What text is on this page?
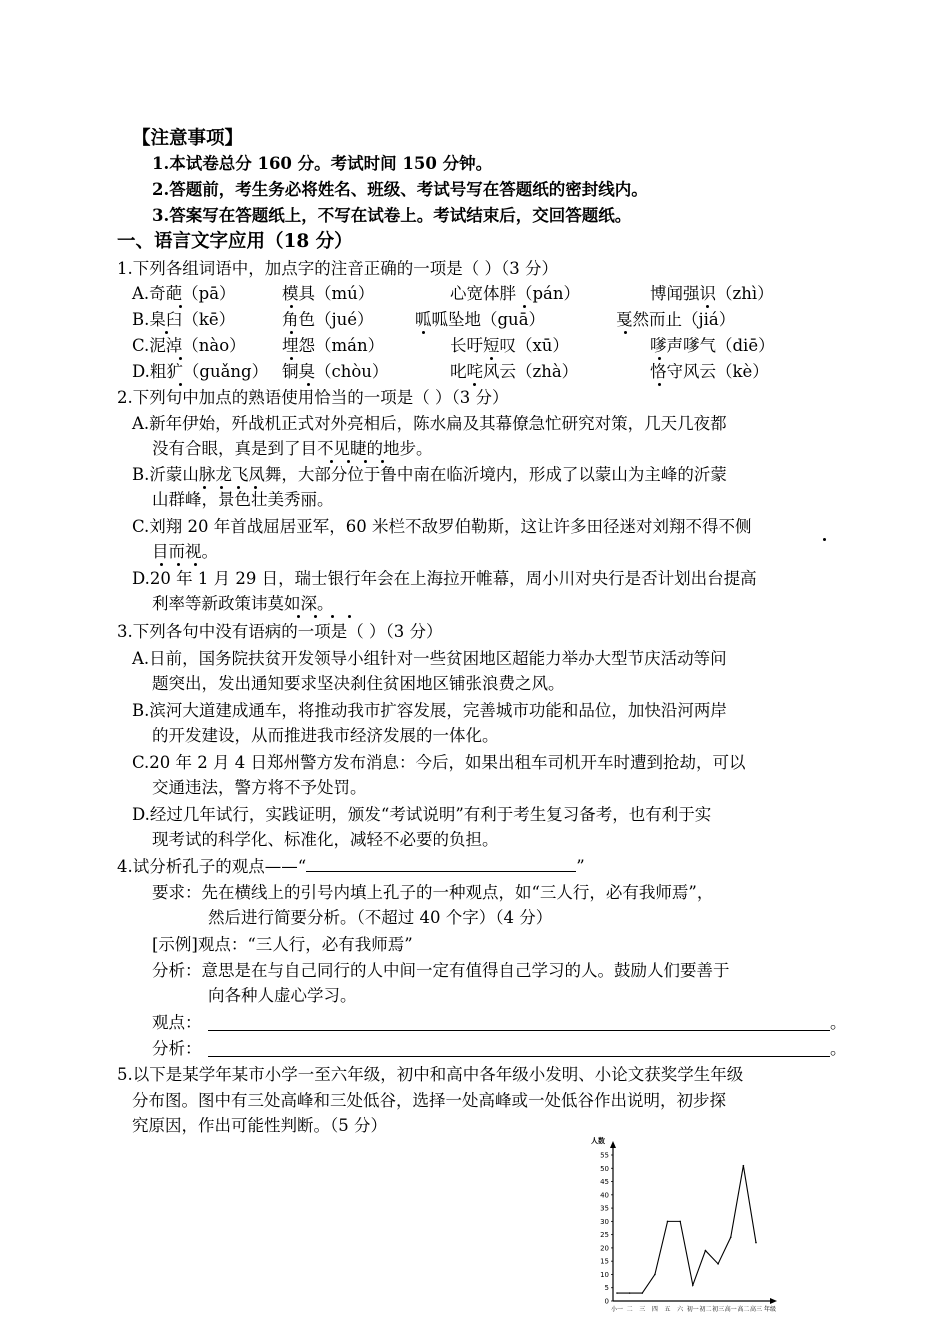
【注意事项】
1.本试卷总分 160 分。考试时间 150 分钟。
2.答题前，考生务必将姓名、班级、考试号写在答题纸的密封线内。
3.答案写在答题纸上，不写在试卷上。考试结束后，交回答题纸。
一、语言文字应用（18 分）
1.下列各组词语中，加点字的注音正确的一项是（ ）（3 分）
A.奇葩（pā）	模具（mú）	心宽体胖（pán）	博闻强识（zhì）
B.臬臼（kē）	角色（jué）	呱呱坠地（guā）	戛然而止（jiá）
C.泥淖（nào） 埋怨（mán）	长吁短叹（xū）	嗲声嗲气（diē）
D.粗犷（guǎng） 铜臭（chòu）	叱咤风云（zhà）	恪守风云（kè）
2.下列句中加点的熟语使用恰当的一项是（ ）（3 分）
A.新年伊始，歼战机正式对外亮相后，陈水扁及其幕僚急忙研究对策，几天几夜都
没有合眼，真是到了目不见睫的地步。
B.沂蒙山脉龙飞凤舞，大部分位于鲁中南在临沂境内，形成了以蒙山为主峰的沂蒙
山群峰，景色壮美秀丽。
C.刘翔 20 年首战屈居亚军，60 米栏不敌罗伯勒斯，这让许多田径迷对刘翔不得不侧
目而视。
D.20 年 1 月 29 日，瑞士银行年会在上海拉开帷幕，周小川对央行是否计划出台提高
利率等新政策讳莫如深。
3.下列各句中没有语病的一项是（ ）（3 分）
A.日前，国务院扶贫开发领导小组针对一些贫困地区超能力举办大型节庆活动等问
题突出，发出通知要求坚决刹住贫困地区铺张浪费之风。
B.滨河大道建成通车，将推动我市扩容发展，完善城市功能和品位，加快沿河两岸
的开发建设，从而推进我市经济发展的一体化。
C.20 年 2 月 4 日郑州警方发布消息：今后，如果出租车司机开车时遭到抢劫，可以
交通违法，警方将不予处罚。
D.经过几年试行，实践证明，颁发“考试说明”有利于考生复习备考，也有利于实
现考试的科学化、标准化，减轻不必要的负担。
4.试分析孔子的观点——“	”
要求：先在横线上的引号内填上孔子的一种观点，如“三人行，必有我师焉”，
然后进行简要分析。（不超过 40 个字）（4 分）
[示例]观点：“三人行，必有我师焉”
分析：意思是在与自己同行的人中间一定有值得自己学习的人。鼓励人们要善于
向各种人虚心学习。
观点：	。
分析：	。
5.以下是某学年某市小学一至六年级，初中和高中各年级小发明、小论文获奖学生年级
分布图。图中有三处高峰和三处低谷，选择一处高峰或一处低谷作出说明，初步探
究原因，作出可能性判断。（5 分）
人数
0
5
10
15
20
25
30
35
40
45
50
55
小一 二 三 四 五 六 初一 初二 初三 高一 高二 高三 年级
